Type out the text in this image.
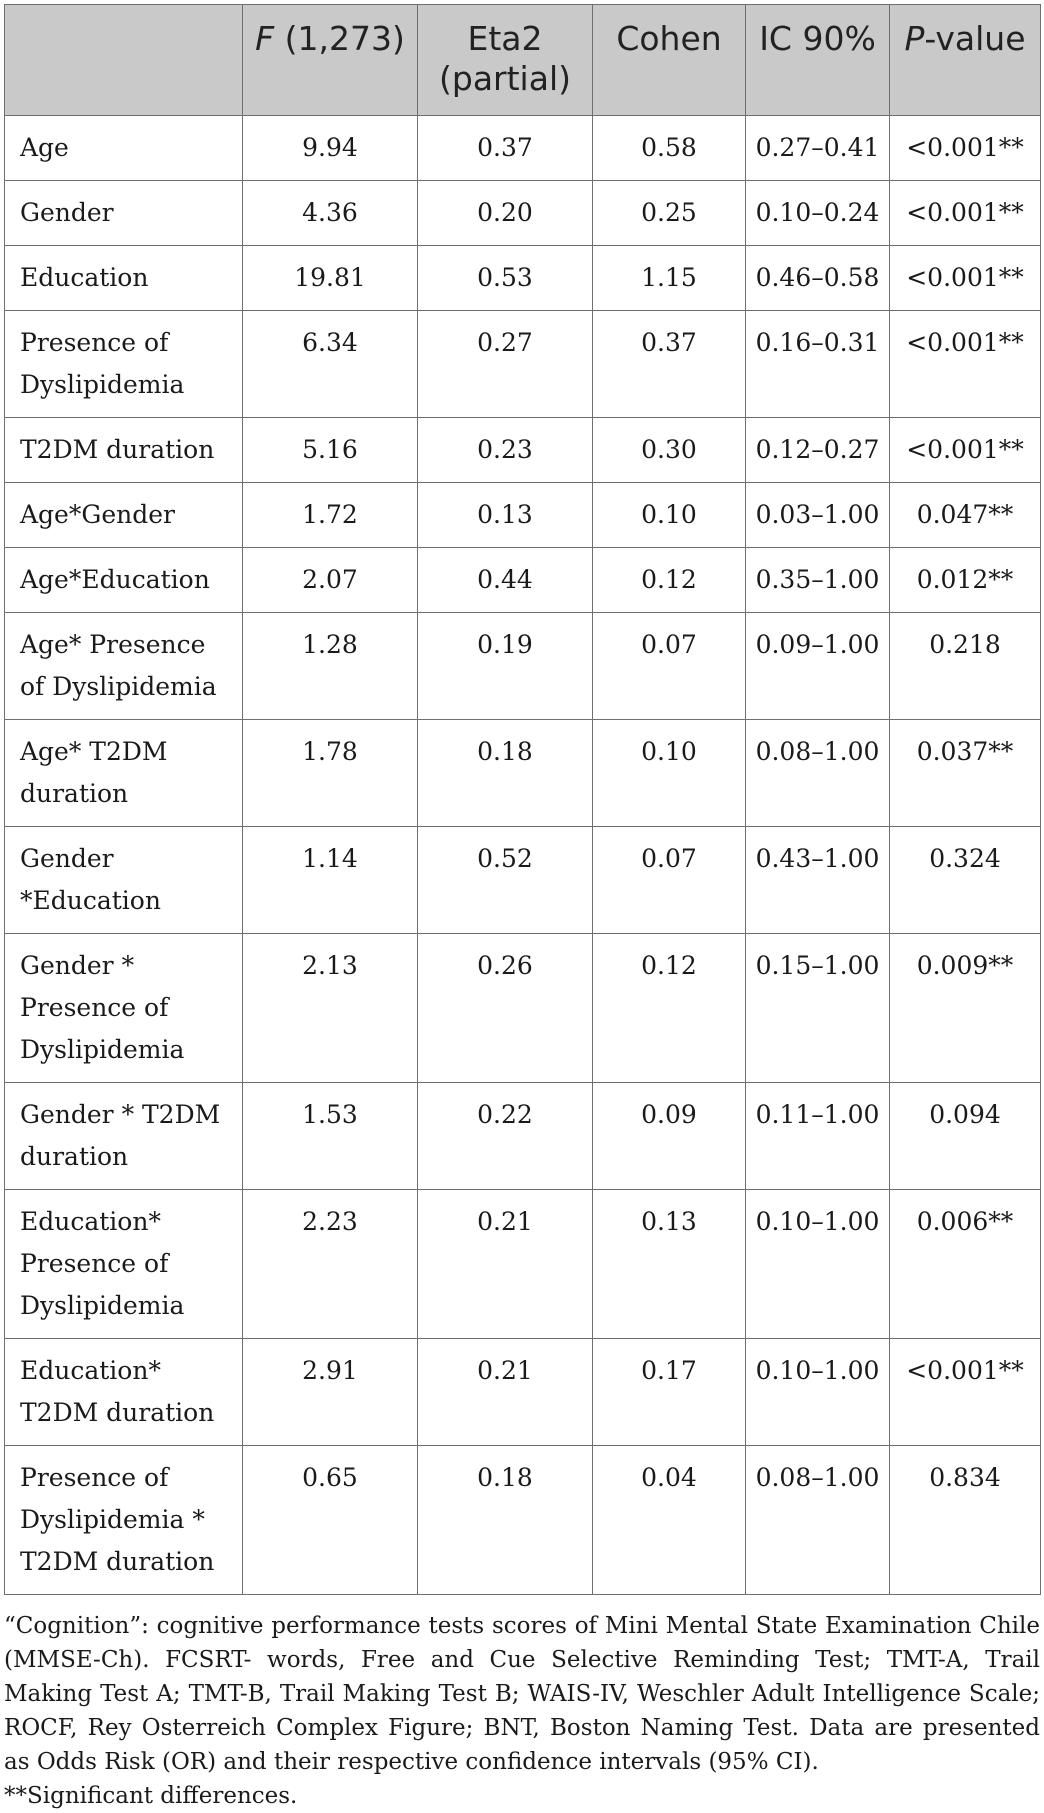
	F (1,273)	Eta2 (partial)	Cohen	IC 90%	P-value
Age	9.94	0.37	0.58	0.27–0.41	<0.001**
Gender	4.36	0.20	0.25	0.10–0.24	<0.001**
Education	19.81	0.53	1.15	0.46–0.58	<0.001**
Presence of Dyslipidemia	6.34	0.27	0.37	0.16–0.31	<0.001**
T2DM duration	5.16	0.23	0.30	0.12–0.27	<0.001**
Age*Gender	1.72	0.13	0.10	0.03–1.00	0.047**
Age*Education	2.07	0.44	0.12	0.35–1.00	0.012**
Age* Presence of Dyslipidemia	1.28	0.19	0.07	0.09–1.00	0.218
Age* T2DM duration	1.78	0.18	0.10	0.08–1.00	0.037**
Gender *Education	1.14	0.52	0.07	0.43–1.00	0.324
Gender * Presence of Dyslipidemia	2.13	0.26	0.12	0.15–1.00	0.009**
Gender * T2DM duration	1.53	0.22	0.09	0.11–1.00	0.094
Education* Presence of Dyslipidemia	2.23	0.21	0.13	0.10–1.00	0.006**
Education* T2DM duration	2.91	0.21	0.17	0.10–1.00	<0.001**
Presence of Dyslipidemia * T2DM duration	0.65	0.18	0.04	0.08–1.00	0.834

“Cognition”: cognitive performance tests scores of Mini Mental State Examination Chile (MMSE-Ch). FCSRT- words, Free and Cue Selective Reminding Test; TMT-A, Trail Making Test A; TMT-B, Trail Making Test B; WAIS-IV, Weschler Adult Intelligence Scale; ROCF, Rey Osterreich Complex Figure; BNT, Boston Naming Test. Data are presented as Odds Risk (OR) and their respective confidence intervals (95% CI).

**Significant differences.
